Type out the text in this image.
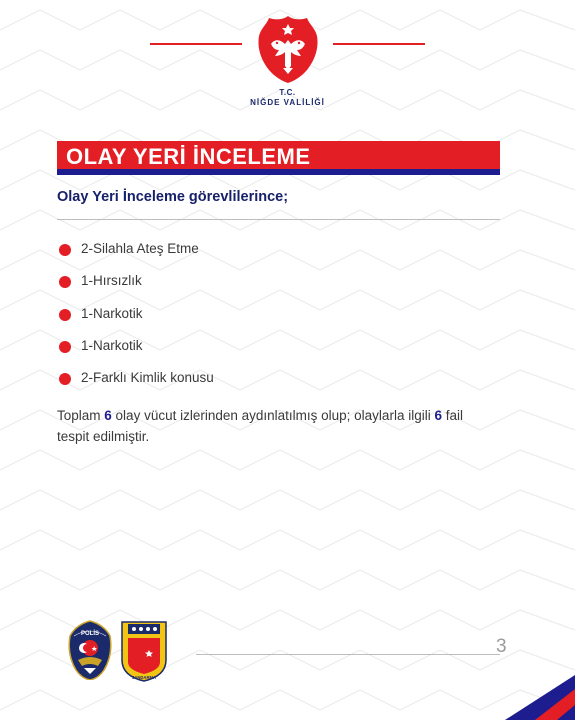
T.C.
NİĞDE VALİLİĞİ
OLAY YERİ İNCELEME
Olay Yeri İnceleme görevlilerince;
2-Silahla Ateş Etme
1-Hırsızlık
1-Narkotik
1-Narkotik
2-Farklı Kimlik konusu
Toplam 6 olay vücut izlerinden aydınlatılmış olup; olaylarla ilgili 6 fail tespit edilmiştir.
POLİS
JANDARMA
3
